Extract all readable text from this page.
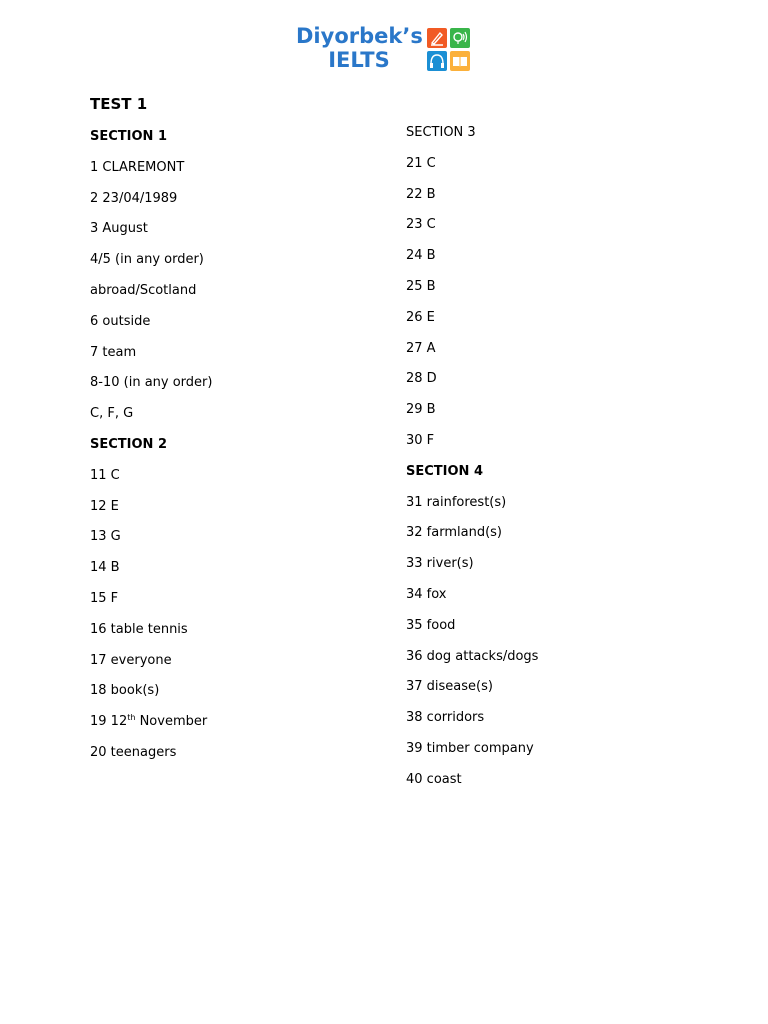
Diyorbek’s
IELTS
TEST 1
SECTION 1
1 CLAREMONT
2 23/04/1989
3 August
4/5 (in any order)
abroad/Scotland
6 outside
7 team
8-10 (in any order)
C, F, G
SECTION 2
11 C
12 E
13 G
14 B
15 F
16 table tennis
17 everyone
18 book(s)
19 12th November
20 teenagers
SECTION 3
21 C
22 B
23 C
24 B
25 B
26 E
27 A
28 D
29 B
30 F
SECTION 4
31 rainforest(s)
32 farmland(s)
33 river(s)
34 fox
35 food
36 dog attacks/dogs
37 disease(s)
38 corridors
39 timber company
40 coast
